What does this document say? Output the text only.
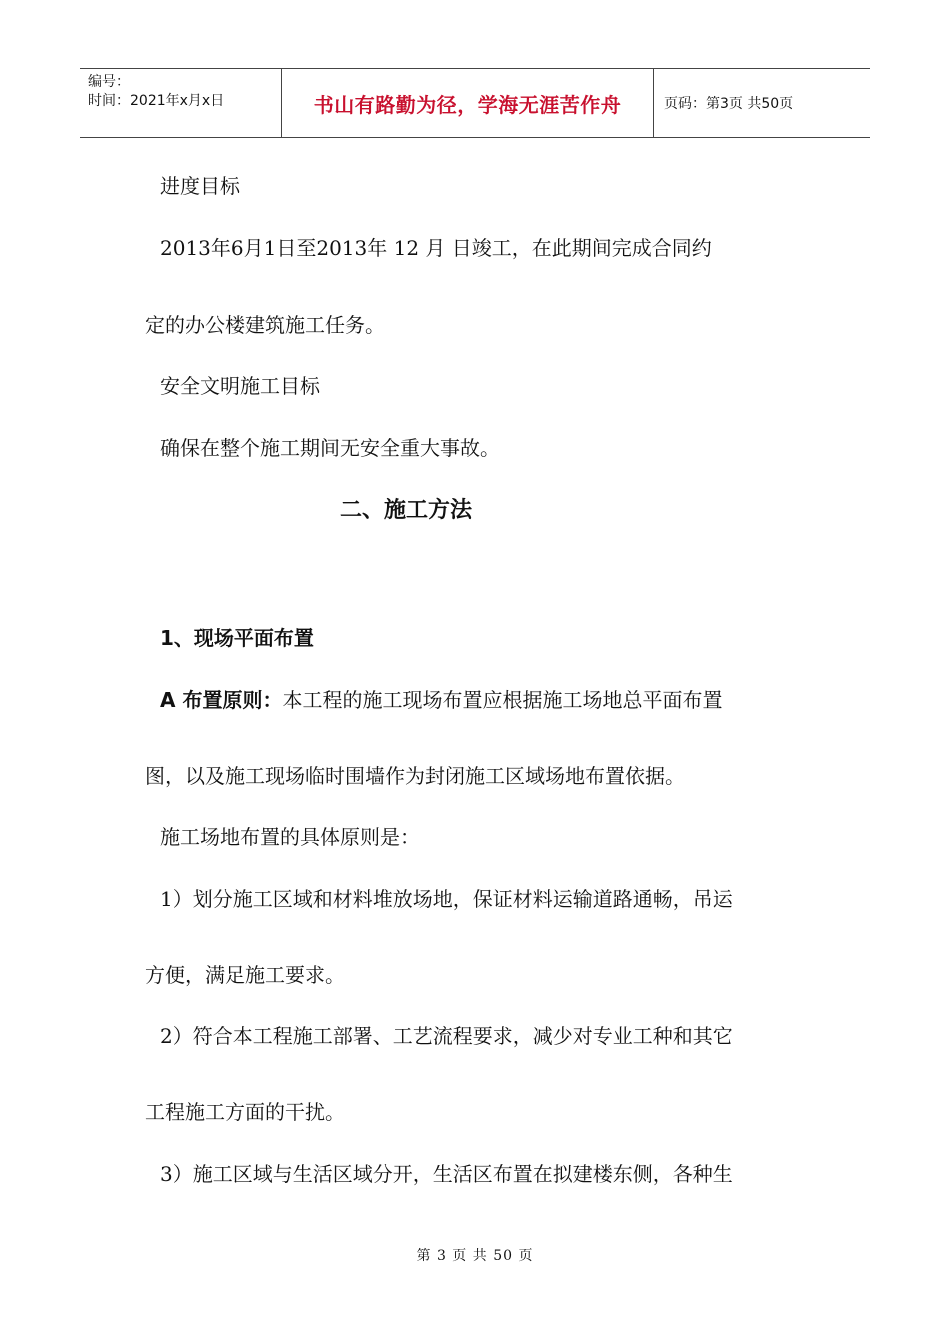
编号：
时间：2021年x月x日	书山有路勤为径，学海无涯苦作舟	页码：第3页 共50页
进度目标
2013年6月1日至2013年 12 月 日竣工，在此期间完成合同约
定的办公楼建筑施工任务。
安全文明施工目标
确保在整个施工期间无安全重大事故。
二、施工方法
1、现场平面布置
A 布置原则：本工程的施工现场布置应根据施工场地总平面布置
图，以及施工现场临时围墙作为封闭施工区域场地布置依据。
施工场地布置的具体原则是：
1）划分施工区域和材料堆放场地，保证材料运输道路通畅，吊运
方便，满足施工要求。
2）符合本工程施工部署、工艺流程要求，减少对专业工种和其它
工程施工方面的干扰。
3）施工区域与生活区域分开，生活区布置在拟建楼东侧，各种生
第 3 页 共 50 页
